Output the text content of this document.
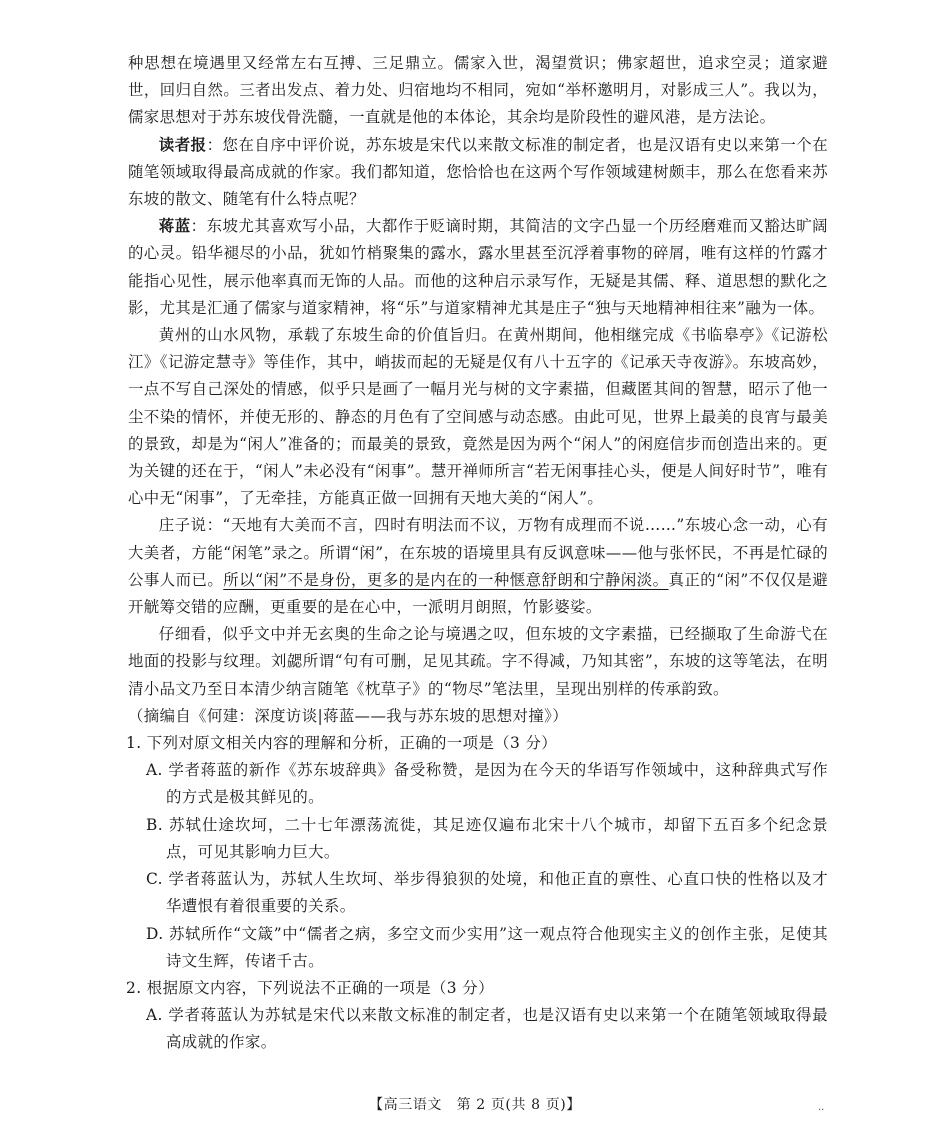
种思想在境遇里又经常左右互搏、三足鼎立。儒家入世，渴望赏识；佛家超世，追求空灵；道家避世，回归自然。三者出发点、着力处、归宿地均不相同，宛如“举杯邀明月，对影成三人”。我以为，儒家思想对于苏东坡伐骨洗髓，一直就是他的本体论，其余均是阶段性的避风港，是方法论。

读者报：您在自序中评价说，苏东坡是宋代以来散文标准的制定者，也是汉语有史以来第一个在随笔领域取得最高成就的作家。我们都知道，您恰恰也在这两个写作领域建树颇丰，那么在您看来苏东坡的散文、随笔有什么特点呢？

蒋蓝：东坡尤其喜欢写小品，大都作于贬谪时期，其简洁的文字凸显一个历经磨难而又豁达旷阔的心灵。铅华褪尽的小品，犹如竹梢聚集的露水，露水里甚至沉浮着事物的碎屑，唯有这样的竹露才能指心见性，展示他率真而无饰的人品。而他的这种启示录写作，无疑是其儒、释、道思想的默化之影，尤其是汇通了儒家与道家精神，将“乐”与道家精神尤其是庄子“独与天地精神相往来”融为一体。

黄州的山水风物，承载了东坡生命的价值旨归。在黄州期间，他相继完成《书临皋亭》《记游松江》《记游定慧寺》等佳作，其中，峭拔而起的无疑是仅有八十五字的《记承天寺夜游》。东坡高妙，一点不写自己深处的情感，似乎只是画了一幅月光与树的文字素描，但藏匿其间的智慧，昭示了他一尘不染的情怀，并使无形的、静态的月色有了空间感与动态感。由此可见，世界上最美的良宵与最美的景致，却是为“闲人”准备的；而最美的景致，竟然是因为两个“闲人”的闲庭信步而创造出来的。更为关键的还在于，“闲人”未必没有“闲事”。慧开禅师所言“若无闲事挂心头，便是人间好时节”，唯有心中无“闲事”，了无牵挂，方能真正做一回拥有天地大美的“闲人”。

庄子说：“天地有大美而不言，四时有明法而不议，万物有成理而不说……”东坡心念一动，心有大美者，方能“闲笔”录之。所谓“闲”，在东坡的语境里具有反讽意味——他与张怀民，不再是忙碌的公事人而已。所以“闲”不是身份，更多的是内在的一种惬意舒朗和宁静闲淡。真正的“闲”不仅仅是避开觥筹交错的应酬，更重要的是在心中，一派明月朗照，竹影婆娑。

仔细看，似乎文中并无玄奥的生命之论与境遇之叹，但东坡的文字素描，已经撷取了生命游弋在地面的投影与纹理。刘勰所谓“句有可删，足见其疏。字不得减，乃知其密”，东坡的这等笔法，在明清小品文乃至日本清少纳言随笔《枕草子》的“物尽”笔法里，呈现出别样的传承韵致。

（摘编自《何建：深度访谈|蒋蓝——我与苏东坡的思想对撞》）

1. 下列对原文相关内容的理解和分析，正确的一项是（3 分）

A. 学者蒋蓝的新作《苏东坡辞典》备受称赞，是因为在今天的华语写作领域中，这种辞典式写作的方式是极其鲜见的。

B. 苏轼仕途坎坷，二十七年漂荡流徙，其足迹仅遍布北宋十八个城市，却留下五百多个纪念景点，可见其影响力巨大。

C. 学者蒋蓝认为，苏轼人生坎坷、举步得狼狈的处境，和他正直的禀性、心直口快的性格以及才华遭恨有着很重要的关系。

D. 苏轼所作“文箴”中“儒者之病，多空文而少实用”这一观点符合他现实主义的创作主张，足使其诗文生辉，传诸千古。

2. 根据原文内容，下列说法不正确的一项是（3 分）

A. 学者蒋蓝认为苏轼是宋代以来散文标准的制定者，也是汉语有史以来第一个在随笔领域取得最高成就的作家。

【高三语文　第 2 页(共 8 页)】	..
